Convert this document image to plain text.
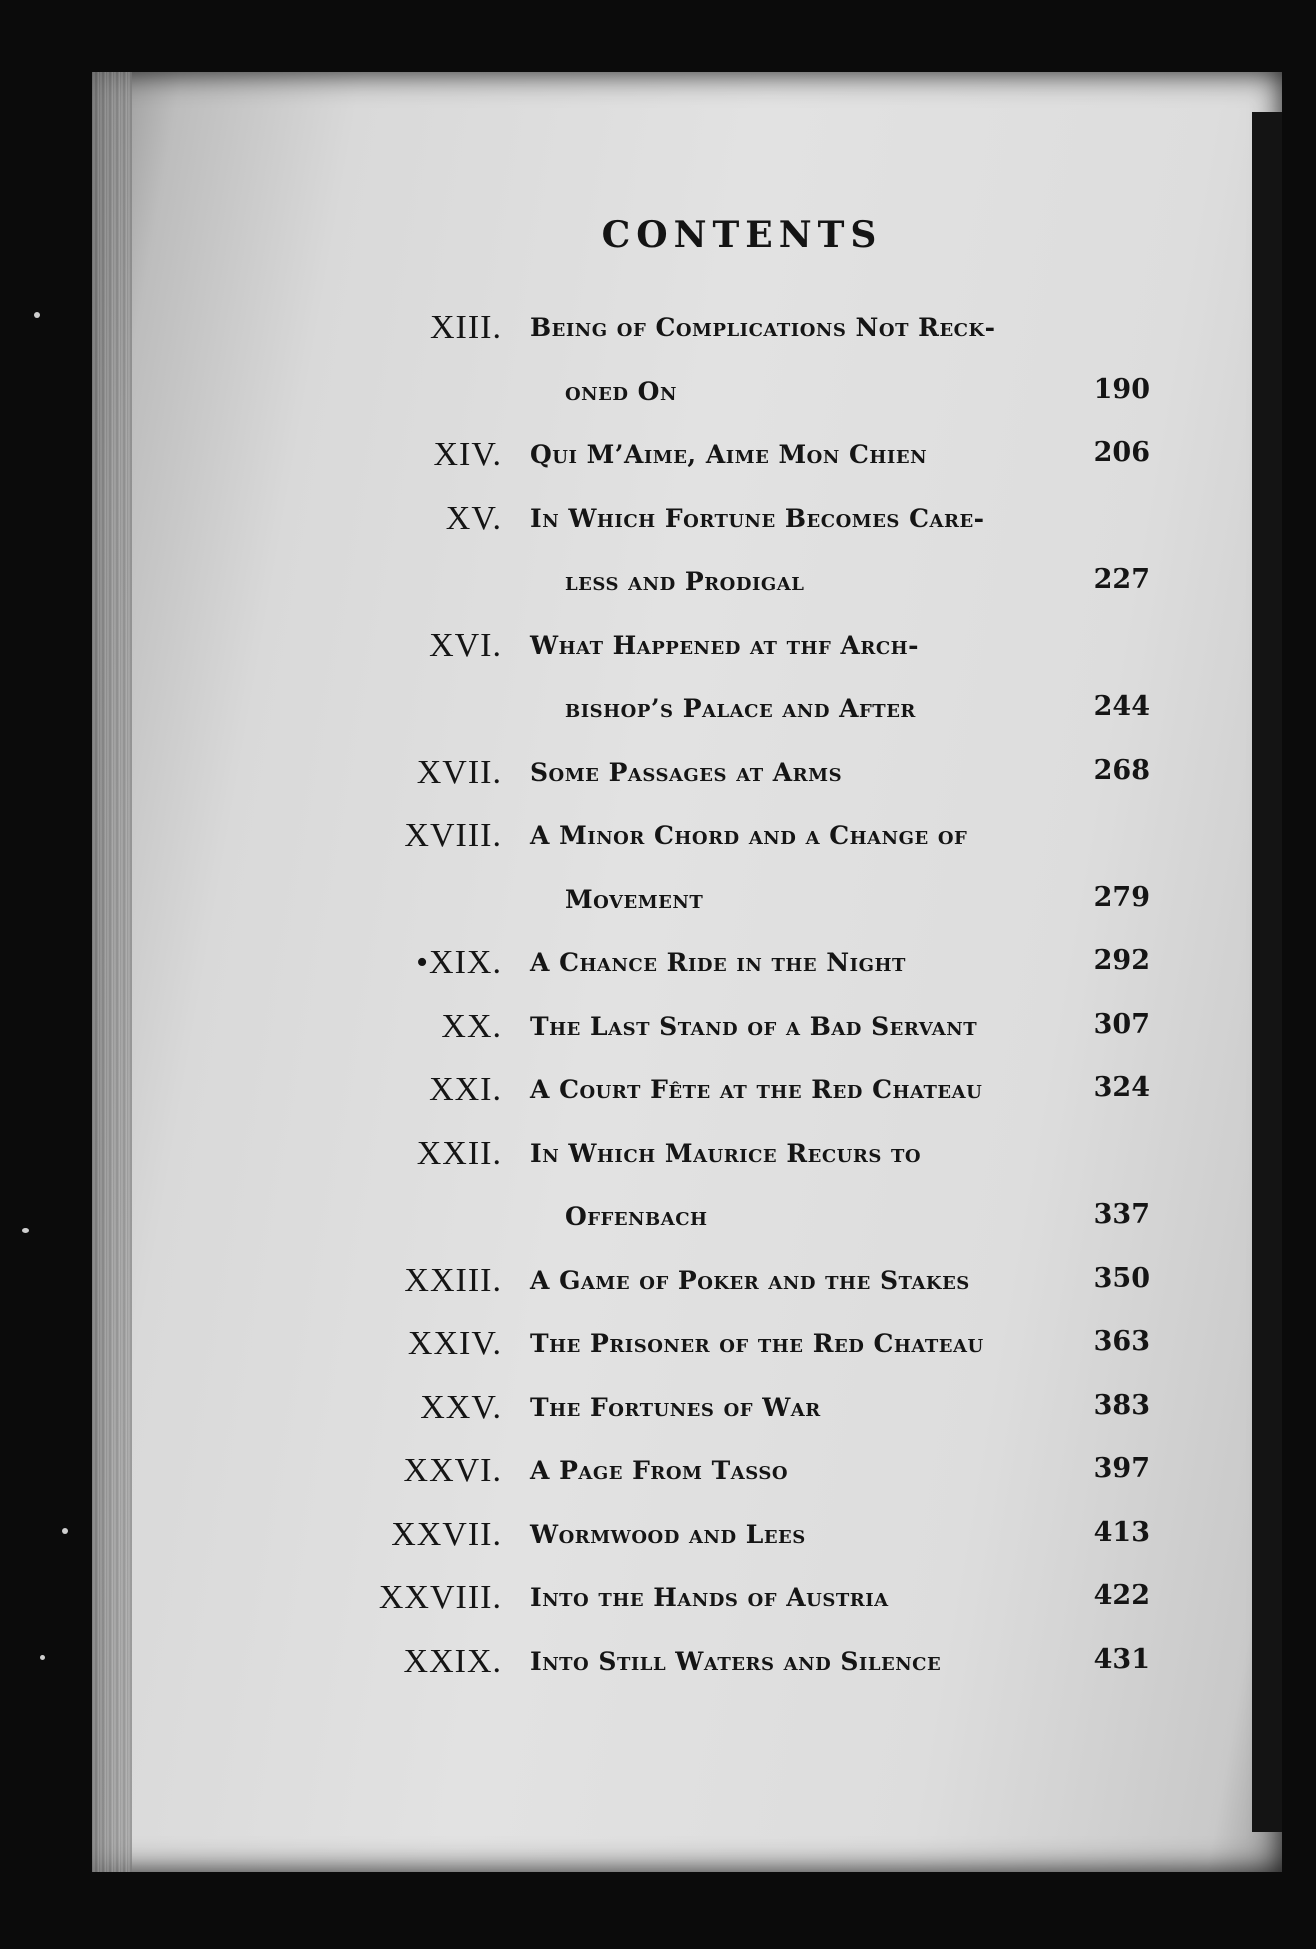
CONTENTS
XIII. Being of Complications Not Reck-
oned On	190
XIV. Qui M’Aime, Aime Mon Chien	206
XV. In Which Fortune Becomes Care-
less and Prodigal	227
XVI. What Happened at thf Arch-
bishop’s Palace and After	244
XVII. Some Passages at Arms	268
XVIII. A Minor Chord and a Change of
Movement	279
•XIX. A Chance Ride in the Night	292
XX. The Last Stand of a Bad Servant	307
XXI. A Court Fête at the Red Chateau	324
XXII. In Which Maurice Recurs to
Offenbach	337
XXIII. A Game of Poker and the Stakes	350
XXIV. The Prisoner of the Red Chateau	363
XXV. The Fortunes of War	383
XXVI. A Page From Tasso	397
XXVII. Wormwood and Lees	413
XXVIII. Into the Hands of Austria	422
XXIX. Into Still Waters and Silence	431
